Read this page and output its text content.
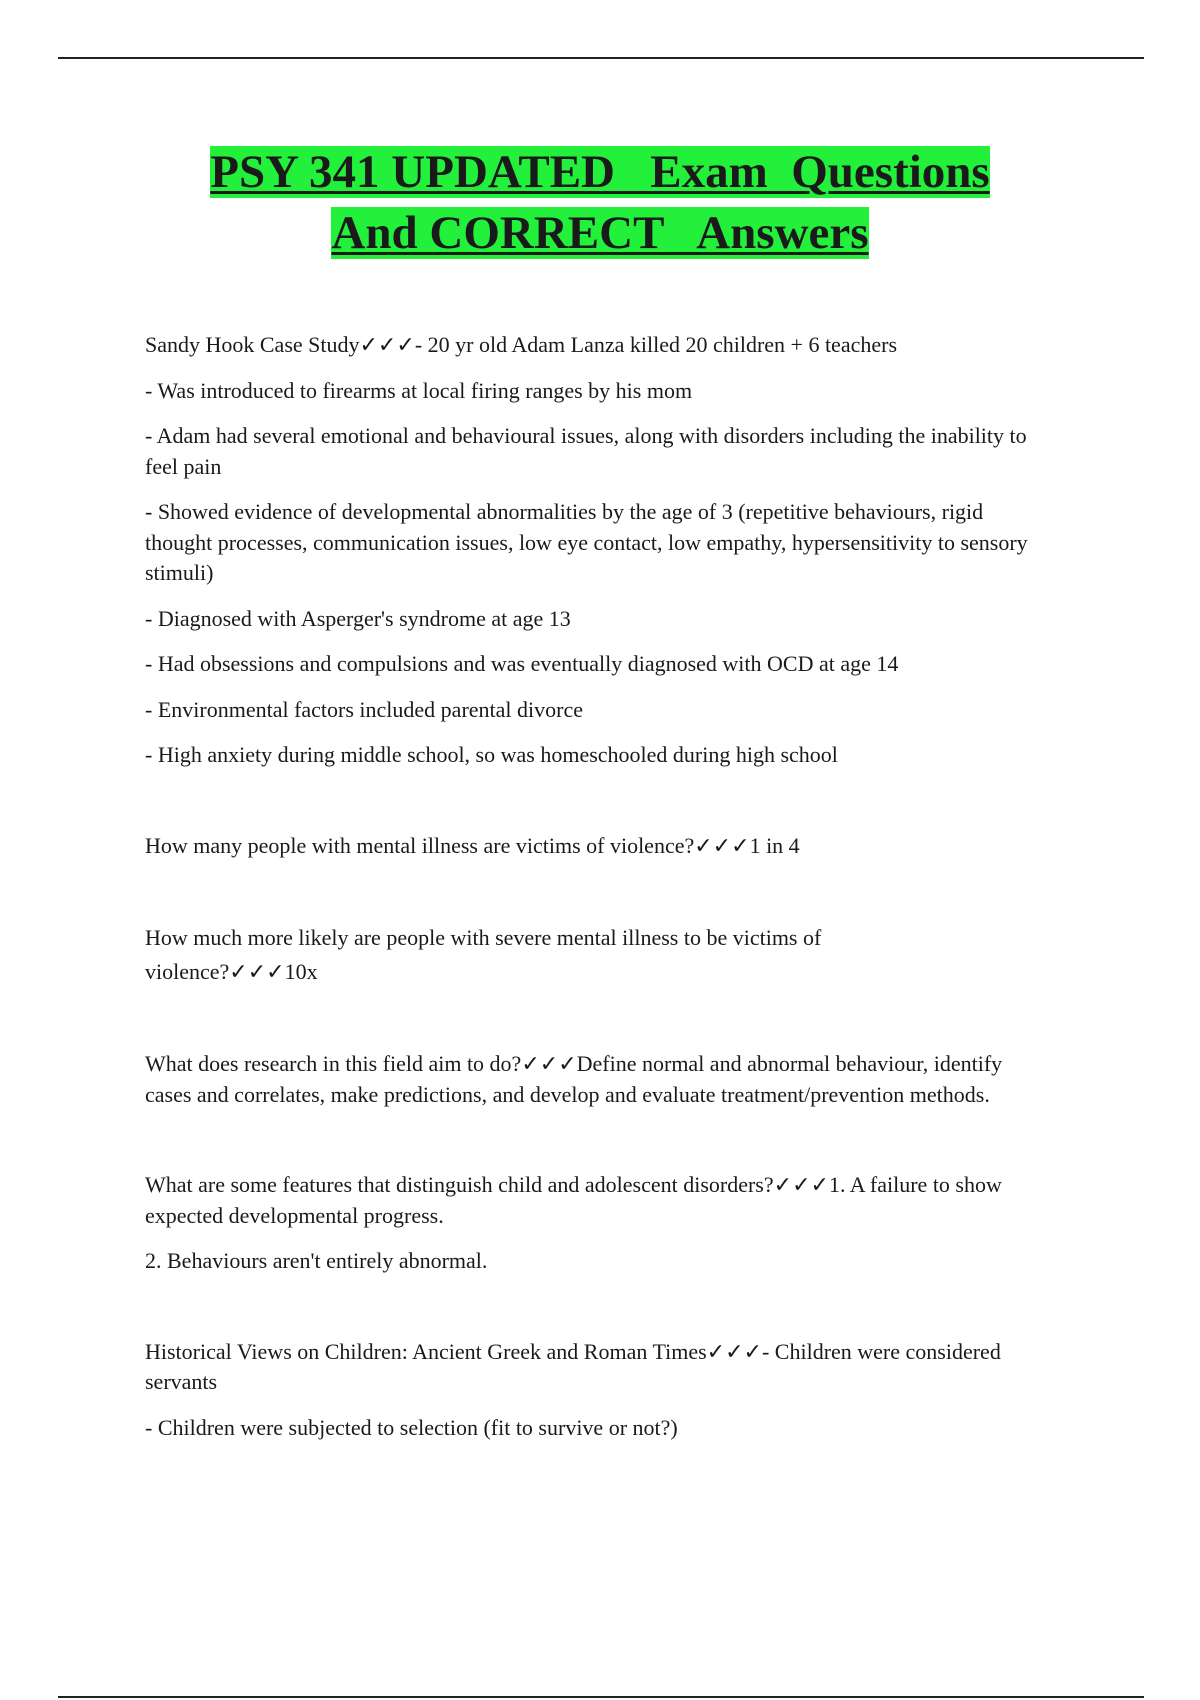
PSY 341 UPDATED   Exam  Questions
And CORRECT   Answers

Sandy Hook Case Study✓✓✓- 20 yr old Adam Lanza killed 20 children + 6 teachers

- Was introduced to firearms at local firing ranges by his mom

- Adam had several emotional and behavioural issues, along with disorders including the inability to feel pain

- Showed evidence of developmental abnormalities by the age of 3 (repetitive behaviours, rigid thought processes, communication issues, low eye contact, low empathy, hypersensitivity to sensory stimuli)

- Diagnosed with Asperger's syndrome at age 13

- Had obsessions and compulsions and was eventually diagnosed with OCD at age 14

- Environmental factors included parental divorce

- High anxiety during middle school, so was homeschooled during high school

How many people with mental illness are victims of violence?✓✓✓1 in 4

How much more likely are people with severe mental illness to be victims of violence?✓✓✓10x

What does research in this field aim to do?✓✓✓Define normal and abnormal behaviour, identify cases and correlates, make predictions, and develop and evaluate treatment/prevention methods.

What are some features that distinguish child and adolescent disorders?✓✓✓1. A failure to show expected developmental progress.

2. Behaviours aren't entirely abnormal.

Historical Views on Children: Ancient Greek and Roman Times✓✓✓- Children were considered servants

- Children were subjected to selection (fit to survive or not?)
